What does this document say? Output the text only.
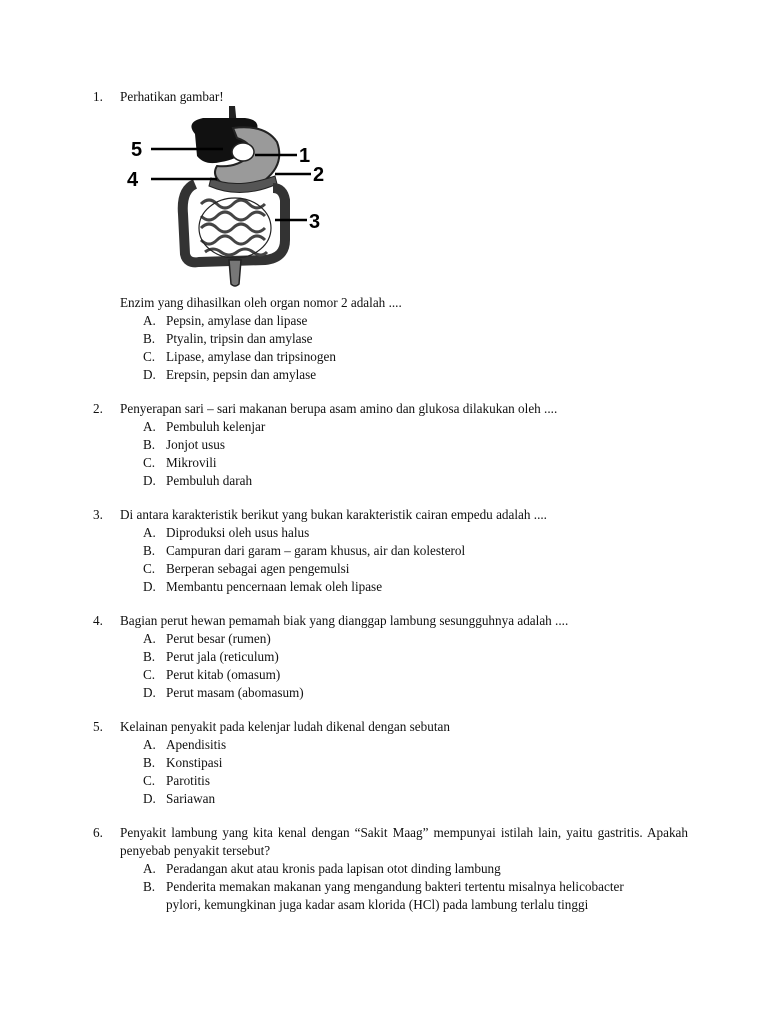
1.	Perhatikan gambar!
5	1
4	2
3
Enzim yang dihasilkan oleh organ nomor 2 adalah ....
A. Pepsin, amylase dan lipase
B. Ptyalin, tripsin dan amylase
C. Lipase, amylase dan tripsinogen
D. Erepsin, pepsin dan amylase
2.	Penyerapan sari – sari makanan berupa asam amino dan glukosa dilakukan oleh ....
A. Pembuluh kelenjar
B. Jonjot usus
C. Mikrovili
D. Pembuluh darah
3.	Di antara karakteristik berikut yang bukan karakteristik cairan empedu adalah ....
A. Diproduksi oleh usus halus
B. Campuran dari garam – garam khusus, air dan kolesterol
C. Berperan sebagai agen pengemulsi
D. Membantu pencernaan lemak oleh lipase
4.	Bagian perut hewan pemamah biak yang dianggap lambung sesungguhnya adalah ....
A. Perut besar (rumen)
B. Perut jala (reticulum)
C. Perut kitab (omasum)
D. Perut masam (abomasum)
5.	Kelainan penyakit pada kelenjar ludah dikenal dengan sebutan
A. Apendisitis
B. Konstipasi
C. Parotitis
D. Sariawan
6.	Penyakit lambung yang kita kenal dengan “Sakit Maag” mempunyai istilah lain, yaitu gastritis. Apakah penyebab penyakit tersebut?
A. Peradangan akut atau kronis pada lapisan otot dinding lambung
B. Penderita memakan makanan yang mengandung bakteri tertentu misalnya helicobacter pylori, kemungkinan juga kadar asam klorida (HCl) pada lambung terlalu tinggi
